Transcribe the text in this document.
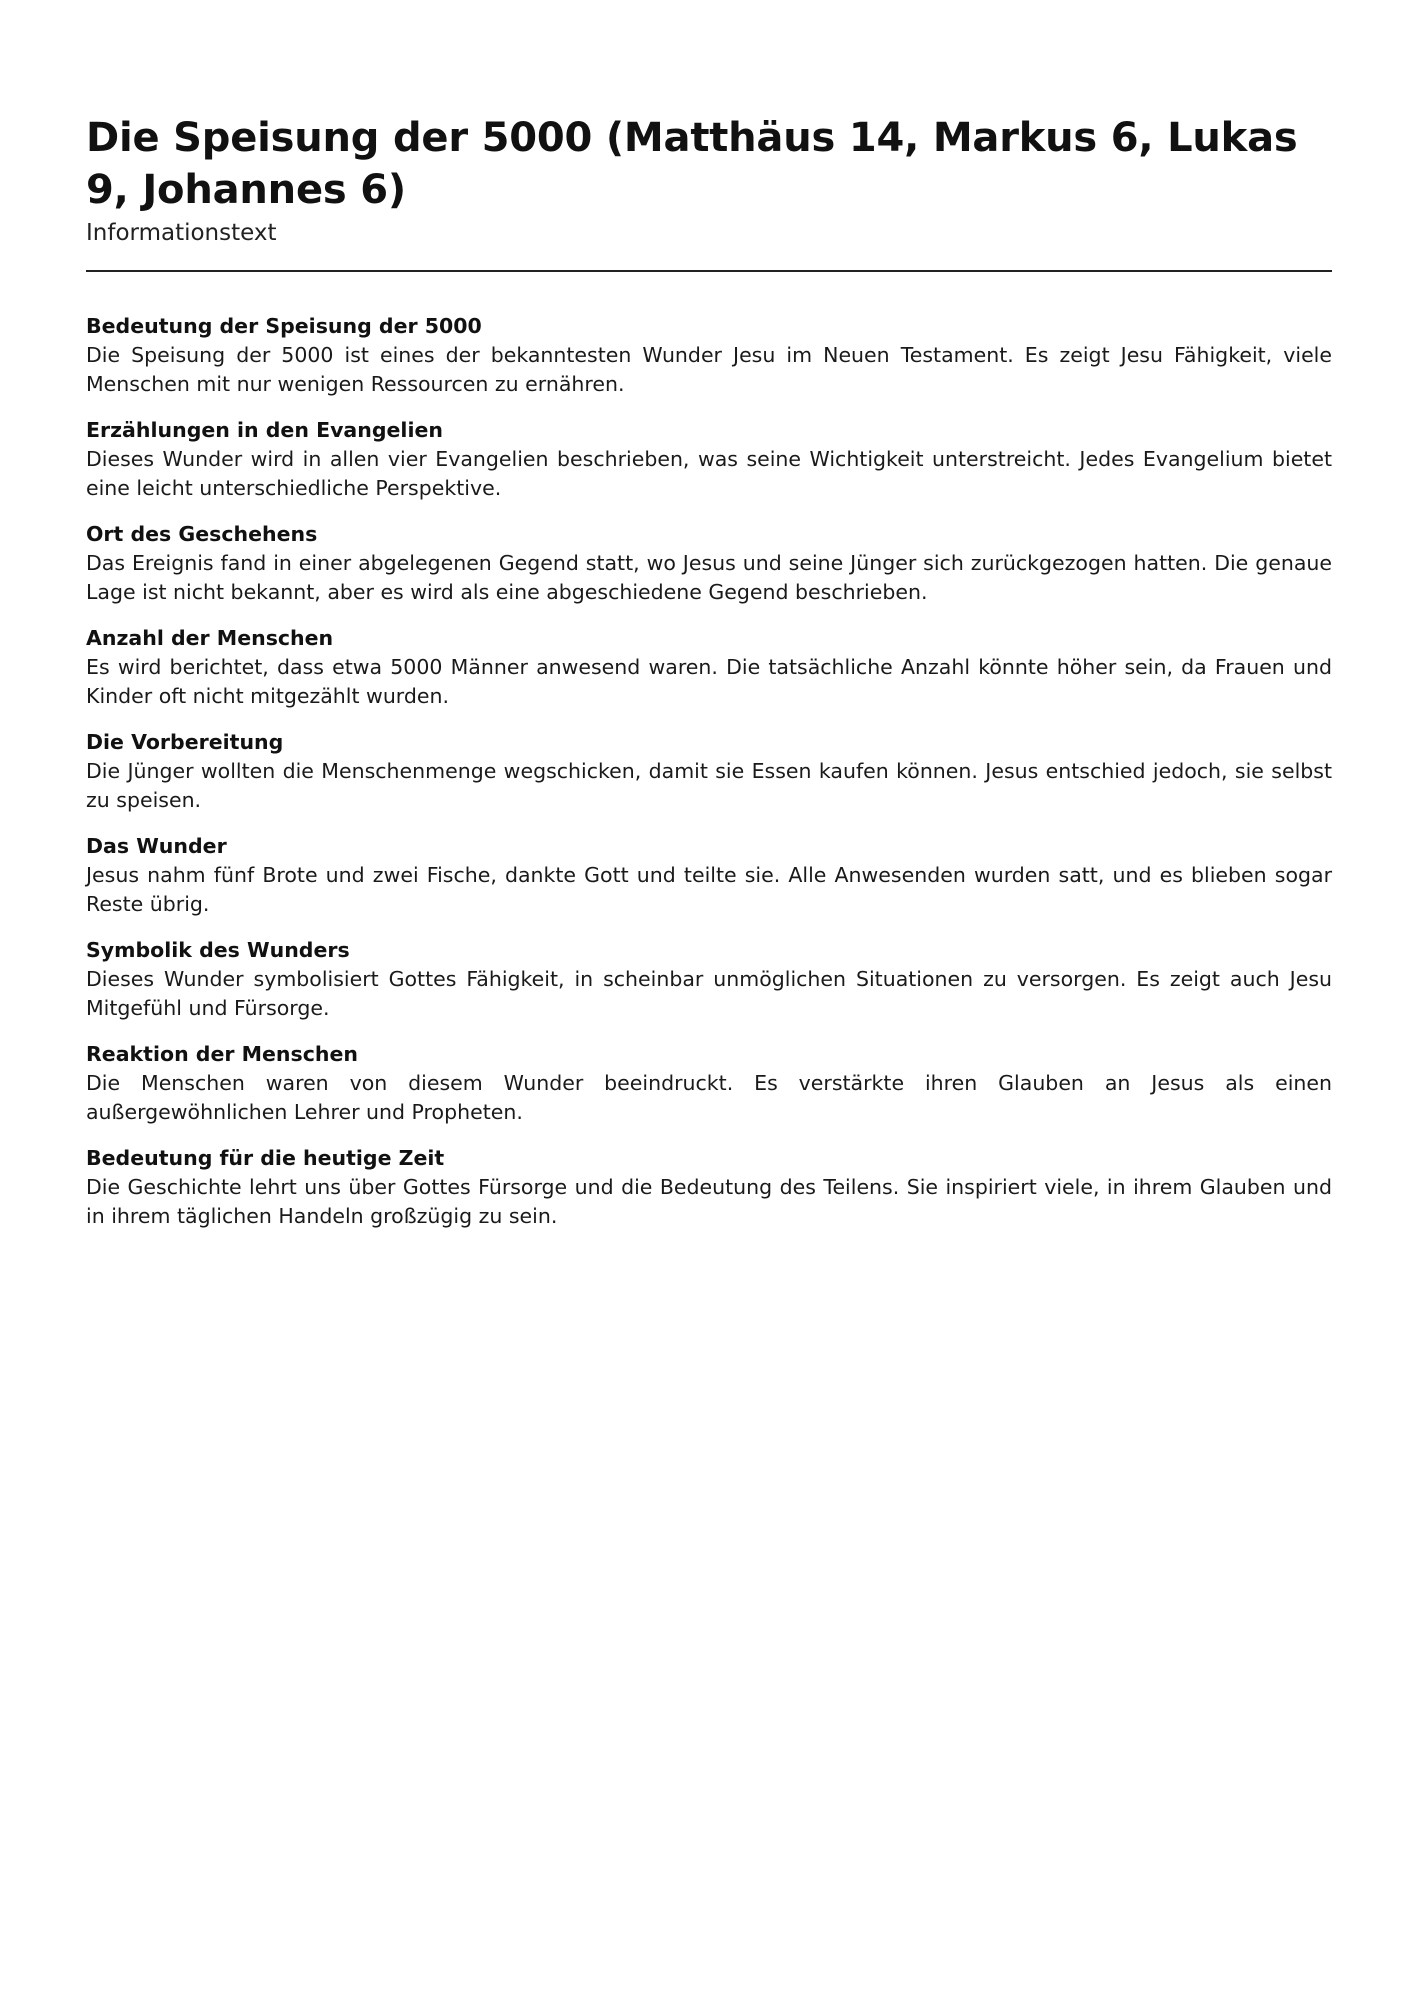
Die Speisung der 5000 (Matthäus 14, Markus 6, Lukas 9, Johannes 6)
Informationstext
Bedeutung der Speisung der 5000

Die Speisung der 5000 ist eines der bekanntesten Wunder Jesu im Neuen Testament. Es zeigt Jesu Fähigkeit, viele Menschen mit nur wenigen Ressourcen zu ernähren.

Erzählungen in den Evangelien

Dieses Wunder wird in allen vier Evangelien beschrieben, was seine Wichtigkeit unterstreicht. Jedes Evangelium bietet eine leicht unterschiedliche Perspektive.

Ort des Geschehens

Das Ereignis fand in einer abgelegenen Gegend statt, wo Jesus und seine Jünger sich zurückgezogen hatten. Die genaue Lage ist nicht bekannt, aber es wird als eine abgeschiedene Gegend beschrieben.

Anzahl der Menschen

Es wird berichtet, dass etwa 5000 Männer anwesend waren. Die tatsächliche Anzahl könnte höher sein, da Frauen und Kinder oft nicht mitgezählt wurden.

Die Vorbereitung

Die Jünger wollten die Menschenmenge wegschicken, damit sie Essen kaufen können. Jesus entschied jedoch, sie selbst zu speisen.

Das Wunder

Jesus nahm fünf Brote und zwei Fische, dankte Gott und teilte sie. Alle Anwesenden wurden satt, und es blieben sogar Reste übrig.

Symbolik des Wunders

Dieses Wunder symbolisiert Gottes Fähigkeit, in scheinbar unmöglichen Situationen zu versorgen. Es zeigt auch Jesu Mitgefühl und Fürsorge.

Reaktion der Menschen

Die Menschen waren von diesem Wunder beeindruckt. Es verstärkte ihren Glauben an Jesus als einen außergewöhnlichen Lehrer und Propheten.

Bedeutung für die heutige Zeit

Die Geschichte lehrt uns über Gottes Fürsorge und die Bedeutung des Teilens. Sie inspiriert viele, in ihrem Glauben und in ihrem täglichen Handeln großzügig zu sein.
